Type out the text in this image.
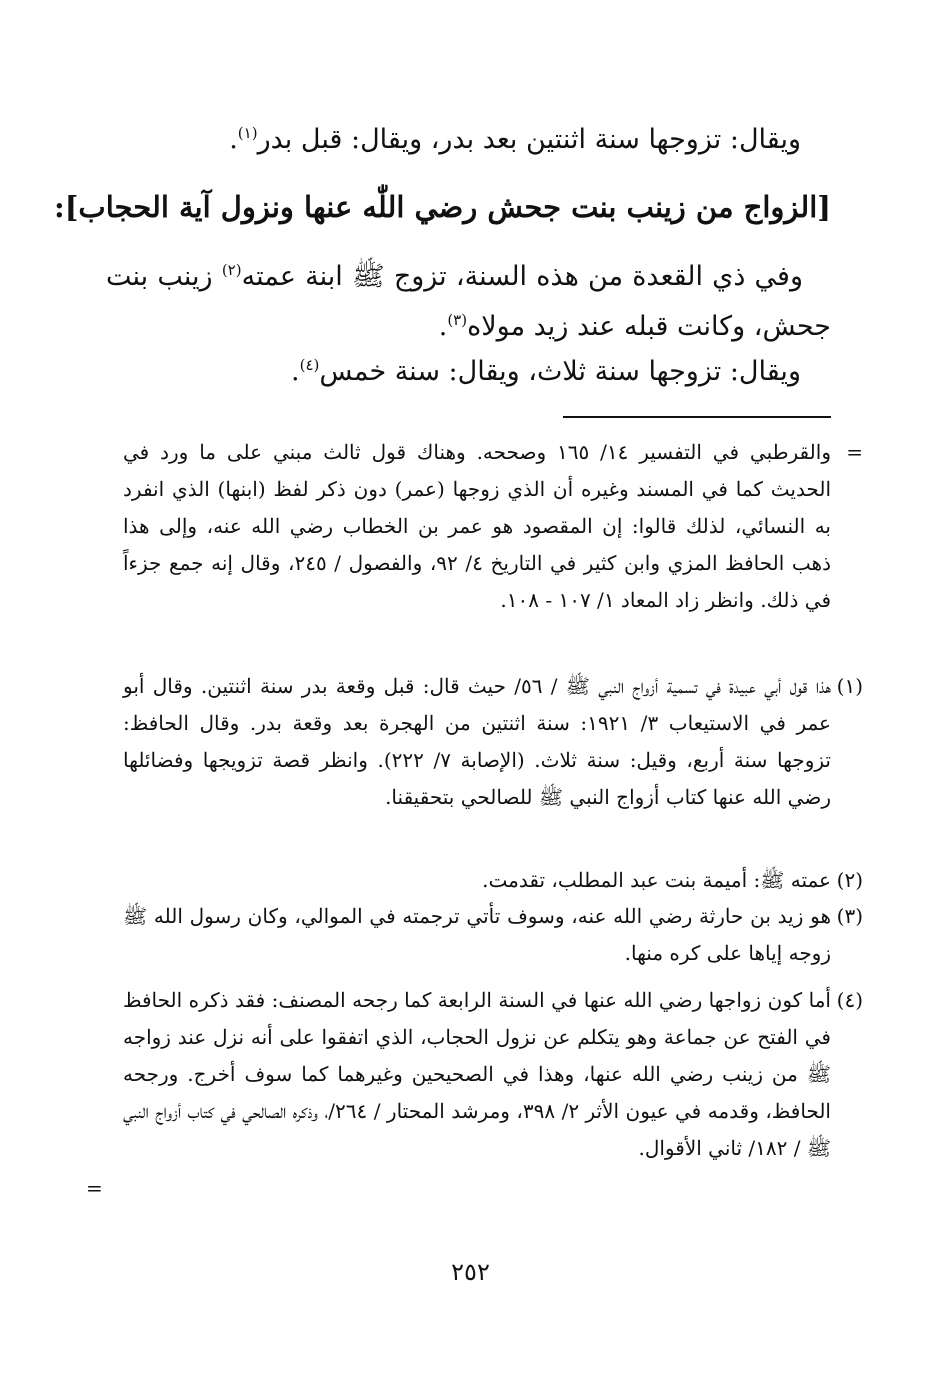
ويقال: تزوجها سنة اثنتين بعد بدر، ويقال: قبل بدر$^{(١)}$.
[الزواج من زينب بنت جحش رضي اللّٰه عنها ونزول آية الحجاب]:
وفي ذي القعدة من هذه السنة، تزوج ﷺ ابنة عمته$^{(٢)}$ زينب بنت جحش، وكانت قبله عند زيد مولاه$^{(٣)}$.
ويقال: تزوجها سنة ثلاث، ويقال: سنة خمس$^{(٤)}$.
=
والقرطبي في التفسير ١٤/ ١٦٥ وصححه. وهناك قول ثالث مبني على ما ورد في الحديث كما في المسند وغيره أن الذي زوجها (عمر) دون ذكر لفظ (ابنها) الذي انفرد به النسائي، لذلك قالوا: إن المقصود هو عمر بن الخطاب رضي الله عنه، وإلى هذا ذهب الحافظ المزي وابن كثير في التاريخ ٤/ ٩٢، والفصول / ٢٤٥، وقال إنه جمع جزءاً في ذلك. وانظر زاد المعاد ١/ ١٠٧ - ١٠٨.
(١)
هذا قول أبي عبيدة في تسمية أزواج النبي ﷺ / ٥٦/ حيث قال: قبل وقعة بدر سنة اثنتين. وقال أبو عمر في الاستيعاب ٣/ ١٩٢١: سنة اثنتين من الهجرة بعد وقعة بدر. وقال الحافظ: تزوجها سنة أربع، وقيل: سنة ثلاث. (الإصابة ٧/ ٢٢٢). وانظر قصة تزويجها وفضائلها رضي الله عنها كتاب أزواج النبي ﷺ للصالحي بتحقيقنا.
(٢)
عمته ﷺ: أميمة بنت عبد المطلب، تقدمت.
(٣)
هو زيد بن حارثة رضي الله عنه، وسوف تأتي ترجمته في الموالي، وكان رسول الله ﷺ زوجه إياها على كره منها.
(٤)
أما كون زواجها رضي الله عنها في السنة الرابعة كما رجحه المصنف: فقد ذكره الحافظ في الفتح عن جماعة وهو يتكلم عن نزول الحجاب، الذي اتفقوا على أنه نزل عند زواجه ﷺ من زينب رضي الله عنها، وهذا في الصحيحين وغيرهما كما سوف أخرج. ورجحه الحافظ، وقدمه في عيون الأثر ٢/ ٣٩٨، ومرشد المحتار / ٢٦٤/، وذكره الصالحي في كتاب أزواج النبي ﷺ / ١٨٢/ ثاني الأقوال.
=
٢٥٢
